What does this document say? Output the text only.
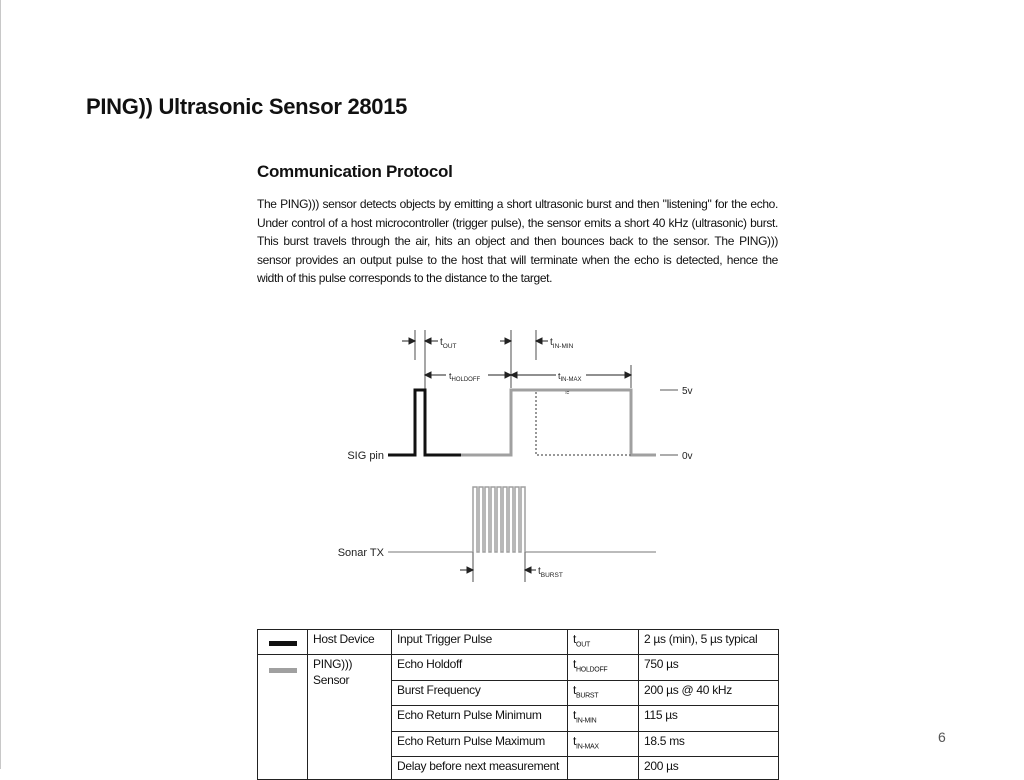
PING)) Ultrasonic Sensor 28015
Communication Protocol

The PING))) sensor detects objects by emitting a short ultrasonic burst and then "listening" for the echo. Under control of a host microcontroller (trigger pulse), the sensor emits a short 40 kHz (ultrasonic) burst. This burst travels through the air, hits an object and then bounces back to the sensor. The PING))) sensor provides an output pulse to the host that will terminate when the echo is detected, hence the width of this pulse corresponds to the distance to the target.

$t_{OUT}$	$t_{IN-MIN}$
$t_{HOLDOFF}$	$t_{IN-MAX}$
≈	5v
0v
SIG pin
Sonar TX
$t_{BURST}$
	Host Device	Input Trigger Pulse	$t_{OUT}$	2 µs (min), 5 µs typical
	PING))) Sensor	Echo Holdoff	$t_{HOLDOFF}$	750 µs
		Burst Frequency	$t_{BURST}$	200 µs @ 40 kHz
		Echo Return Pulse Minimum	$t_{IN-MIN}$	115 µs
		Echo Return Pulse Maximum	$t_{IN-MAX}$	18.5 ms
		Delay before next measurement		200 µs
6
